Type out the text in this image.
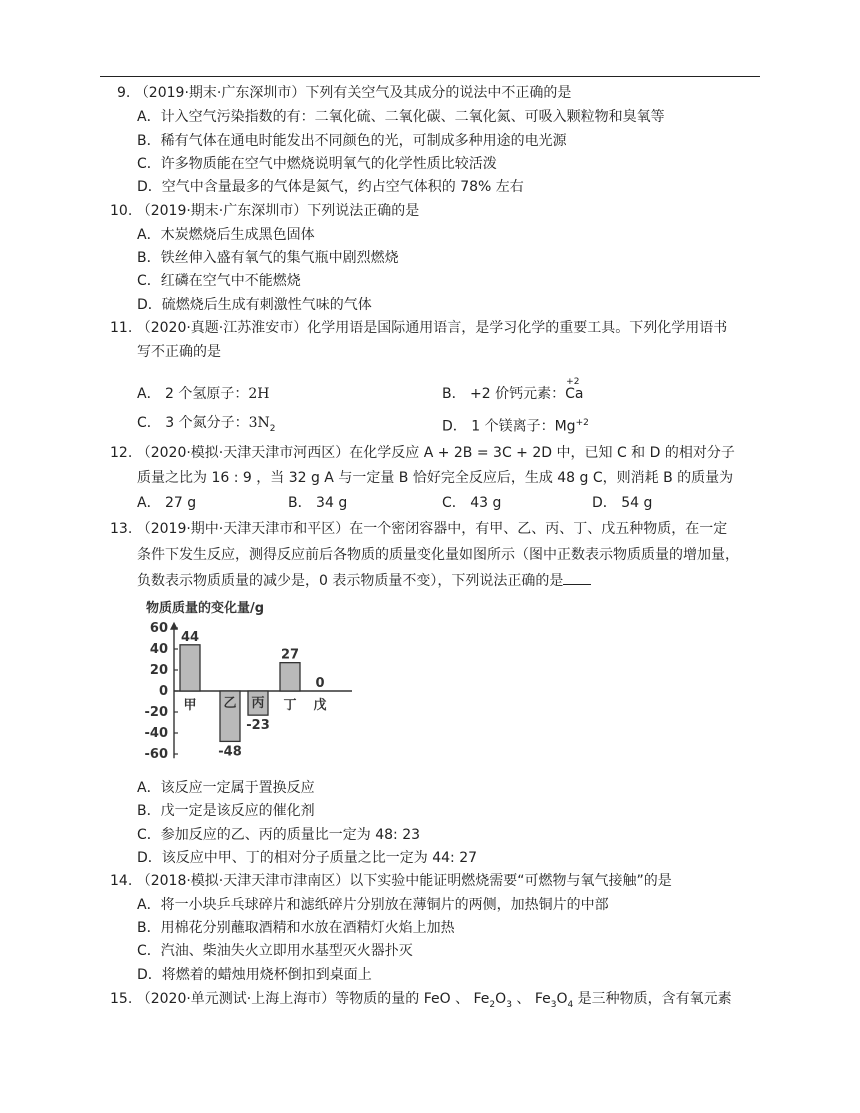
9. （2019·期末·广东深圳市）下列有关空气及其成分的说法中不正确的是
A．计入空气污染指数的有：二氧化硫、二氧化碳、二氧化氮、可吸入颗粒物和臭氧等
B．稀有气体在通电时能发出不同颜色的光，可制成多种用途的电光源
C．许多物质能在空气中燃烧说明氧气的化学性质比较活泼
D．空气中含量最多的气体是氮气，约占空气体积的 78% 左右
10. （2019·期末·广东深圳市）下列说法正确的是
A．木炭燃烧后生成黑色固体
B．铁丝伸入盛有氧气的集气瓶中剧烈燃烧
C．红磷在空气中不能燃烧
D．硫燃烧后生成有刺激性气味的气体
11. （2020·真题·江苏淮安市）化学用语是国际通用语言，是学习化学的重要工具。下列化学用语书
写不正确的是
A． 2 个氢原子：2H	B． +2 价钙元素：
+2
Ca
C． 3 个氮分子：$3N_2$	D． 1 个镁离子：$Mg^{+2}$
12. （2020·模拟·天津天津市河西区）在化学反应 A + 2B = 3C + 2D 中，已知 C 和 D 的相对分子
质量之比为 16 : 9 ，当 32 g A 与一定量 B 恰好完全反应后，生成 48 g C，则消耗 B 的质量为
A． 27 g	B． 34 g	C． 43 g	D． 54 g
13. （2019·期中·天津天津市和平区）在一个密闭容器中，有甲、乙、丙、丁、戊五种物质，在一定
条件下发生反应，测得反应前后各物质的质量变化量如图所示（图中正数表示物质质量的增加量，
负数表示物质质量的减少是，0 表示物质量不变），下列说法正确的是
物质质量的变化量/g
60
40
20
0
-20
-40
-60
44
甲
-48
乙
-23
丙
27
丁
0
戊
A．该反应一定属于置换反应
B．戊一定是该反应的催化剂
C．参加反应的乙、丙的质量比一定为 48: 23
D．该反应中甲、丁的相对分子质量之比一定为 44: 27
14. （2018·模拟·天津天津市津南区）以下实验中能证明燃烧需要“可燃物与氧气接触”的是
A．将一小块乒乓球碎片和滤纸碎片分别放在薄铜片的两侧，加热铜片的中部
B．用棉花分别蘸取酒精和水放在酒精灯火焰上加热
C．汽油、柴油失火立即用水基型灭火器扑灭
D．将燃着的蜡烛用烧杯倒扣到桌面上
15. （2020·单元测试·上海上海市）等物质的量的 FeO 、 $Fe_2O_3$ 、 $Fe_3O_4$ 是三种物质，含有氧元素
